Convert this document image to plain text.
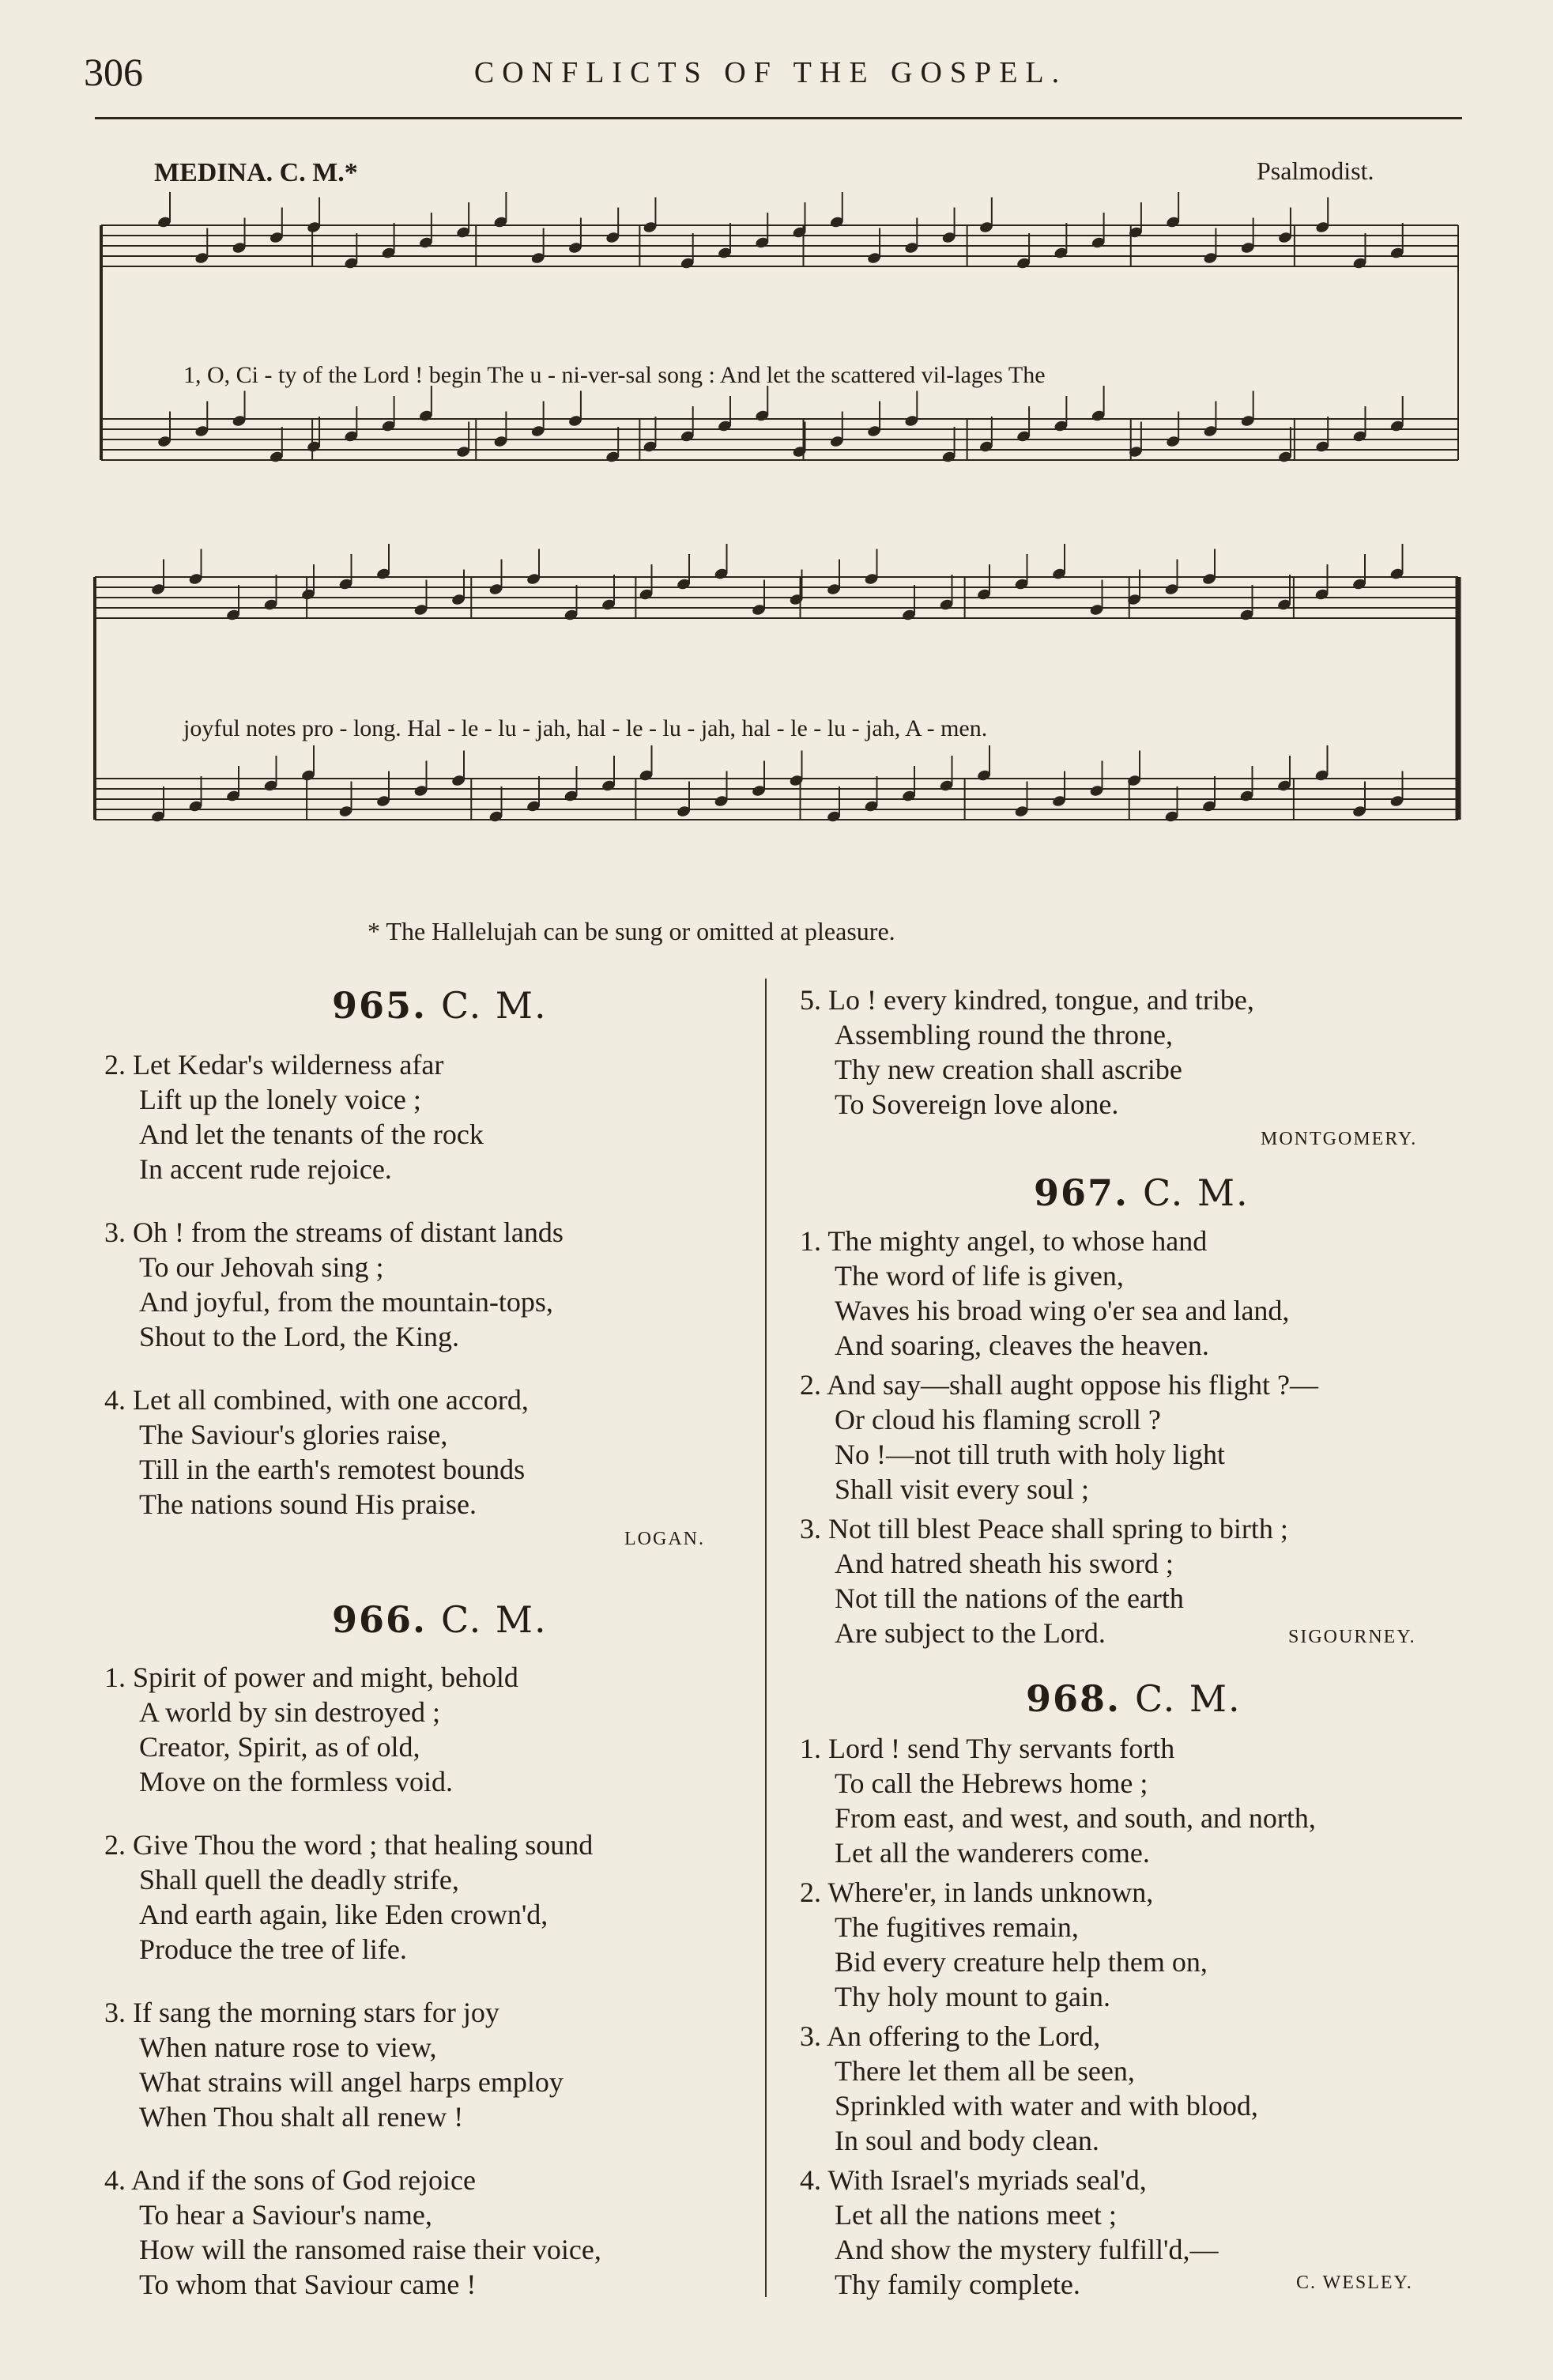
306	CONFLICTS OF THE GOSPEL.
MEDINA. C. M.*	Psalmodist.
1, O, Ci - ty of the Lord ! begin The u - ni-ver-sal song : And let the scattered vil-lages The
joyful notes pro - long. Hal - le - lu - jah, hal - le - lu - jah, hal - le - lu - jah, A - men.
* The Hallelujah can be sung or omitted at pleasure.
965. C. M.
2. Let Kedar's wilderness afar
Lift up the lonely voice ;
And let the tenants of the rock
In accent rude rejoice.
3. Oh ! from the streams of distant lands
To our Jehovah sing ;
And joyful, from the mountain-tops,
Shout to the Lord, the King.
4. Let all combined, with one accord,
The Saviour's glories raise,
Till in the earth's remotest bounds
The nations sound His praise.
LOGAN.
966. C. M.
1. Spirit of power and might, behold
A world by sin destroyed ;
Creator, Spirit, as of old,
Move on the formless void.
2. Give Thou the word ; that healing sound
Shall quell the deadly strife,
And earth again, like Eden crown'd,
Produce the tree of life.
3. If sang the morning stars for joy
When nature rose to view,
What strains will angel harps employ
When Thou shalt all renew !
4. And if the sons of God rejoice
To hear a Saviour's name,
How will the ransomed raise their voice,
To whom that Saviour came !
5. Lo ! every kindred, tongue, and tribe,
Assembling round the throne,
Thy new creation shall ascribe
To Sovereign love alone.
MONTGOMERY.
967. C. M.
1. The mighty angel, to whose hand
The word of life is given,
Waves his broad wing o'er sea and land,
And soaring, cleaves the heaven.
2. And say—shall aught oppose his flight ?—
Or cloud his flaming scroll ?
No !—not till truth with holy light
Shall visit every soul ;
3. Not till blest Peace shall spring to birth ;
And hatred sheath his sword ;
Not till the nations of the earth
Are subject to the Lord.	SIGOURNEY.
968. C. M.
1. Lord ! send Thy servants forth
To call the Hebrews home ;
From east, and west, and south, and north,
Let all the wanderers come.
2. Where'er, in lands unknown,
The fugitives remain,
Bid every creature help them on,
Thy holy mount to gain.
3. An offering to the Lord,
There let them all be seen,
Sprinkled with water and with blood,
In soul and body clean.
4. With Israel's myriads seal'd,
Let all the nations meet ;
And show the mystery fulfill'd,—
Thy family complete.	C. WESLEY.
